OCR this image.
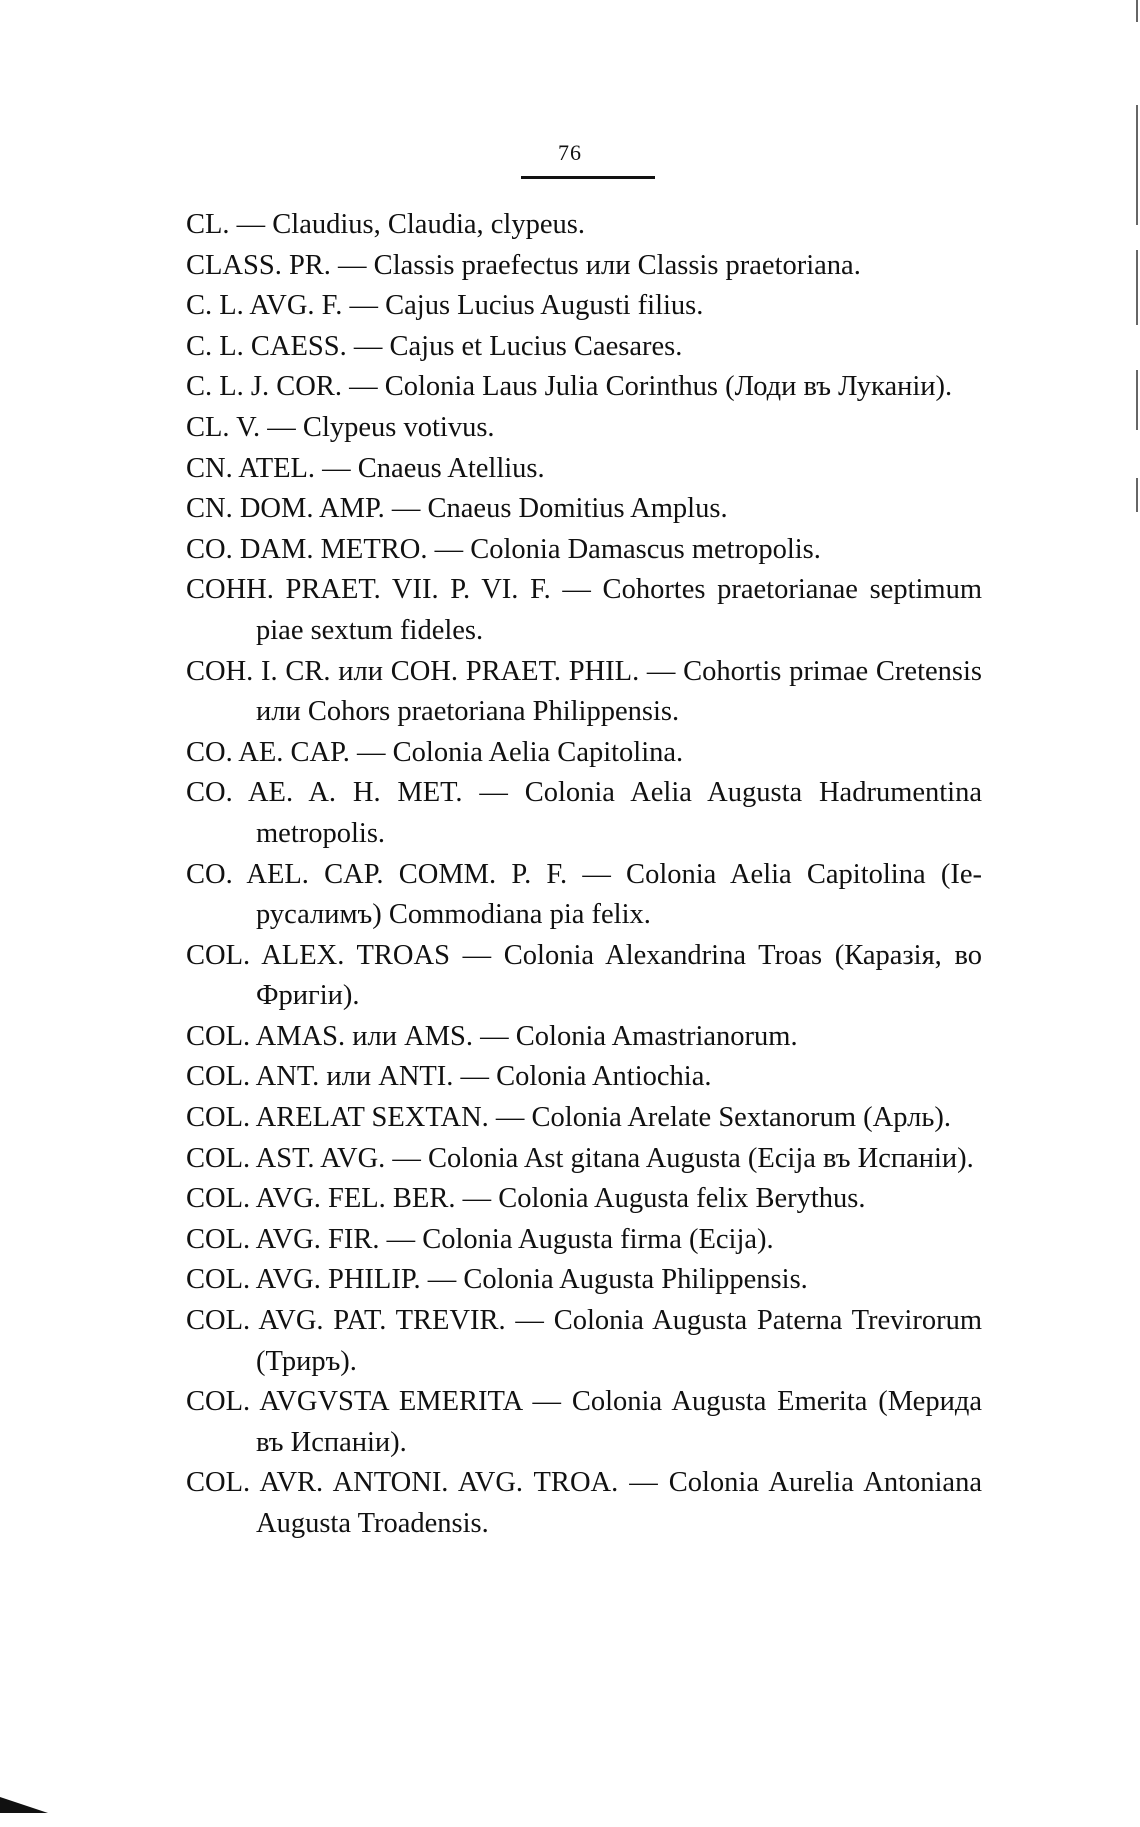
76

CL. — Claudius, Claudia, clypeus.

CLASS. PR. — Classis praefectus или Classis praetoriana.

C. L. AVG. F. — Cajus Lucius Augusti filius.

C. L. CAESS. — Cajus et Lucius Caesares.

C. L. J. COR. — Colonia Laus Julia Corinthus (Лоди въ Луканіи).

CL. V. — Clypeus votivus.

CN. ATEL. — Cnaeus Atellius.

CN. DOM. AMP. — Cnaeus Domitius Amplus.

CO. DAM. METRO. — Colonia Damascus metropolis.

COHH. PRAET. VII. P. VI. F. — Cohortes praetorianae septimum piae sextum fideles.

COH. I. CR. или COH. PRAET. PHIL. — Cohortis primae Cretensis или Cohors praetoriana Philippensis.

CO. AE. CAP. — Colonia Aelia Capitolina.

CO. AE. A. H. MET. — Colonia Aelia Augusta Hadrumentina metropolis.

CO. AEL. CAP. COMM. P. F. — Colonia Aelia Capitolina (Ieрусалимъ) Commodiana pia felix.

COL. ALEX. TROAS — Colonia Alexandrina Troas (Каразія, во Фригіи).

COL. AMAS. или AMS. — Colonia Amastrianorum.

COL. ANT. или ANTI. — Colonia Antiochia.

COL. ARELAT SEXTAN. — Colonia Arelate Sextanorum (Арль).

COL. AST. AVG. — Colonia Ast gitana Augusta (Ecija въ Испаніи).

COL. AVG. FEL. BER. — Colonia Augusta felix Berythus.

COL. AVG. FIR. — Colonia Augusta firma (Ecija).

COL. AVG. PHILIP. — Colonia Augusta Philippensis.

COL. AVG. PAT. TREVIR. — Colonia Augusta Paterna Trevirorum (Триръ).

COL. AVGVSTA EMERITA — Colonia Augusta Emerita (Мерида въ Испаніи).

COL. AVR. ANTONI. AVG. TROA. — Colonia Aurelia Antoniana Augusta Troadensis.
